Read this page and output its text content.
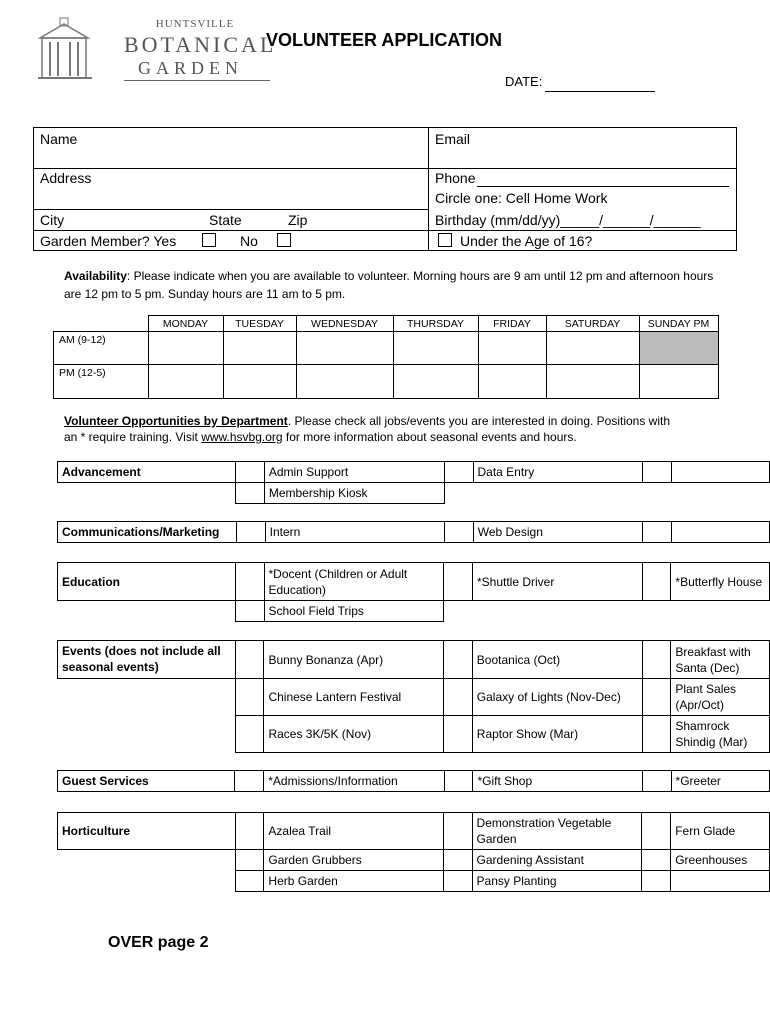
HUNTSVILLE
BOTANICAL
GARDEN
VOLUNTEER APPLICATION
DATE:
Name	Email
Address	Phone
Circle one: Cell Home Work
City	State	Zip	Birthday (mm/dd/yy)_____/______/______
Garden Member? Yes	No	Under the Age of 16?
Availability: Please indicate when you are available to volunteer. Morning hours are 9 am until 12 pm and afternoon hours are 12 pm to 5 pm. Sunday hours are 11 am to 5 pm.
	MONDAY	TUESDAY	WEDNESDAY	THURSDAY	FRIDAY	SATURDAY	SUNDAY PM
AM (9-12)							
PM (12-5)							
Volunteer Opportunities by Department. Please check all jobs/events you are interested in doing. Positions with
an * require training. Visit www.hsvbg.org for more information about seasonal events and hours.
Advancement		Admin Support		Data Entry		
		Membership Kiosk				
Communications/Marketing		Intern		Web Design		
Education		*Docent (Children or Adult Education)		*Shuttle Driver		*Butterfly House
		School Field Trips				
Events (does not include all seasonal events)		Bunny Bonanza (Apr)		Bootanica (Oct)		Breakfast with Santa (Dec)
		Chinese Lantern Festival		Galaxy of Lights (Nov-Dec)		Plant Sales (Apr/Oct)
		Races 3K/5K (Nov)		Raptor Show (Mar)		Shamrock Shindig (Mar)
Guest Services		*Admissions/Information		*Gift Shop		*Greeter
Horticulture		Azalea Trail		Demonstration Vegetable Garden		Fern Glade
		Garden Grubbers		Gardening Assistant		Greenhouses
		Herb Garden		Pansy Planting		
OVER page 2
